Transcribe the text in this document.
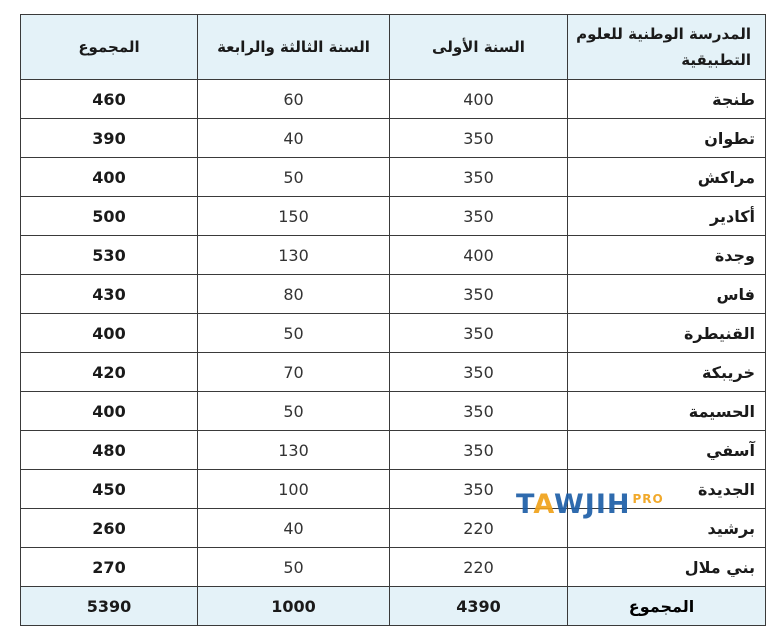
المدرسة الوطنية للعلوم التطبيقية	السنة الأولى	السنة الثالثة والرابعة	المجموع
طنجة	400	60	460
تطوان	350	40	390
مراكش	350	50	400
أكادير	350	150	500
وجدة	400	130	530
فاس	350	80	430
القنيطرة	350	50	400
خريبكة	350	70	420
الحسيمة	350	50	400
آسفي	350	130	480
الجديدة	350	100	450
برشيد	220	40	260
بني ملال	220	50	270
المجموع	4390	1000	5390
TAWJIH $^{PRO}$
